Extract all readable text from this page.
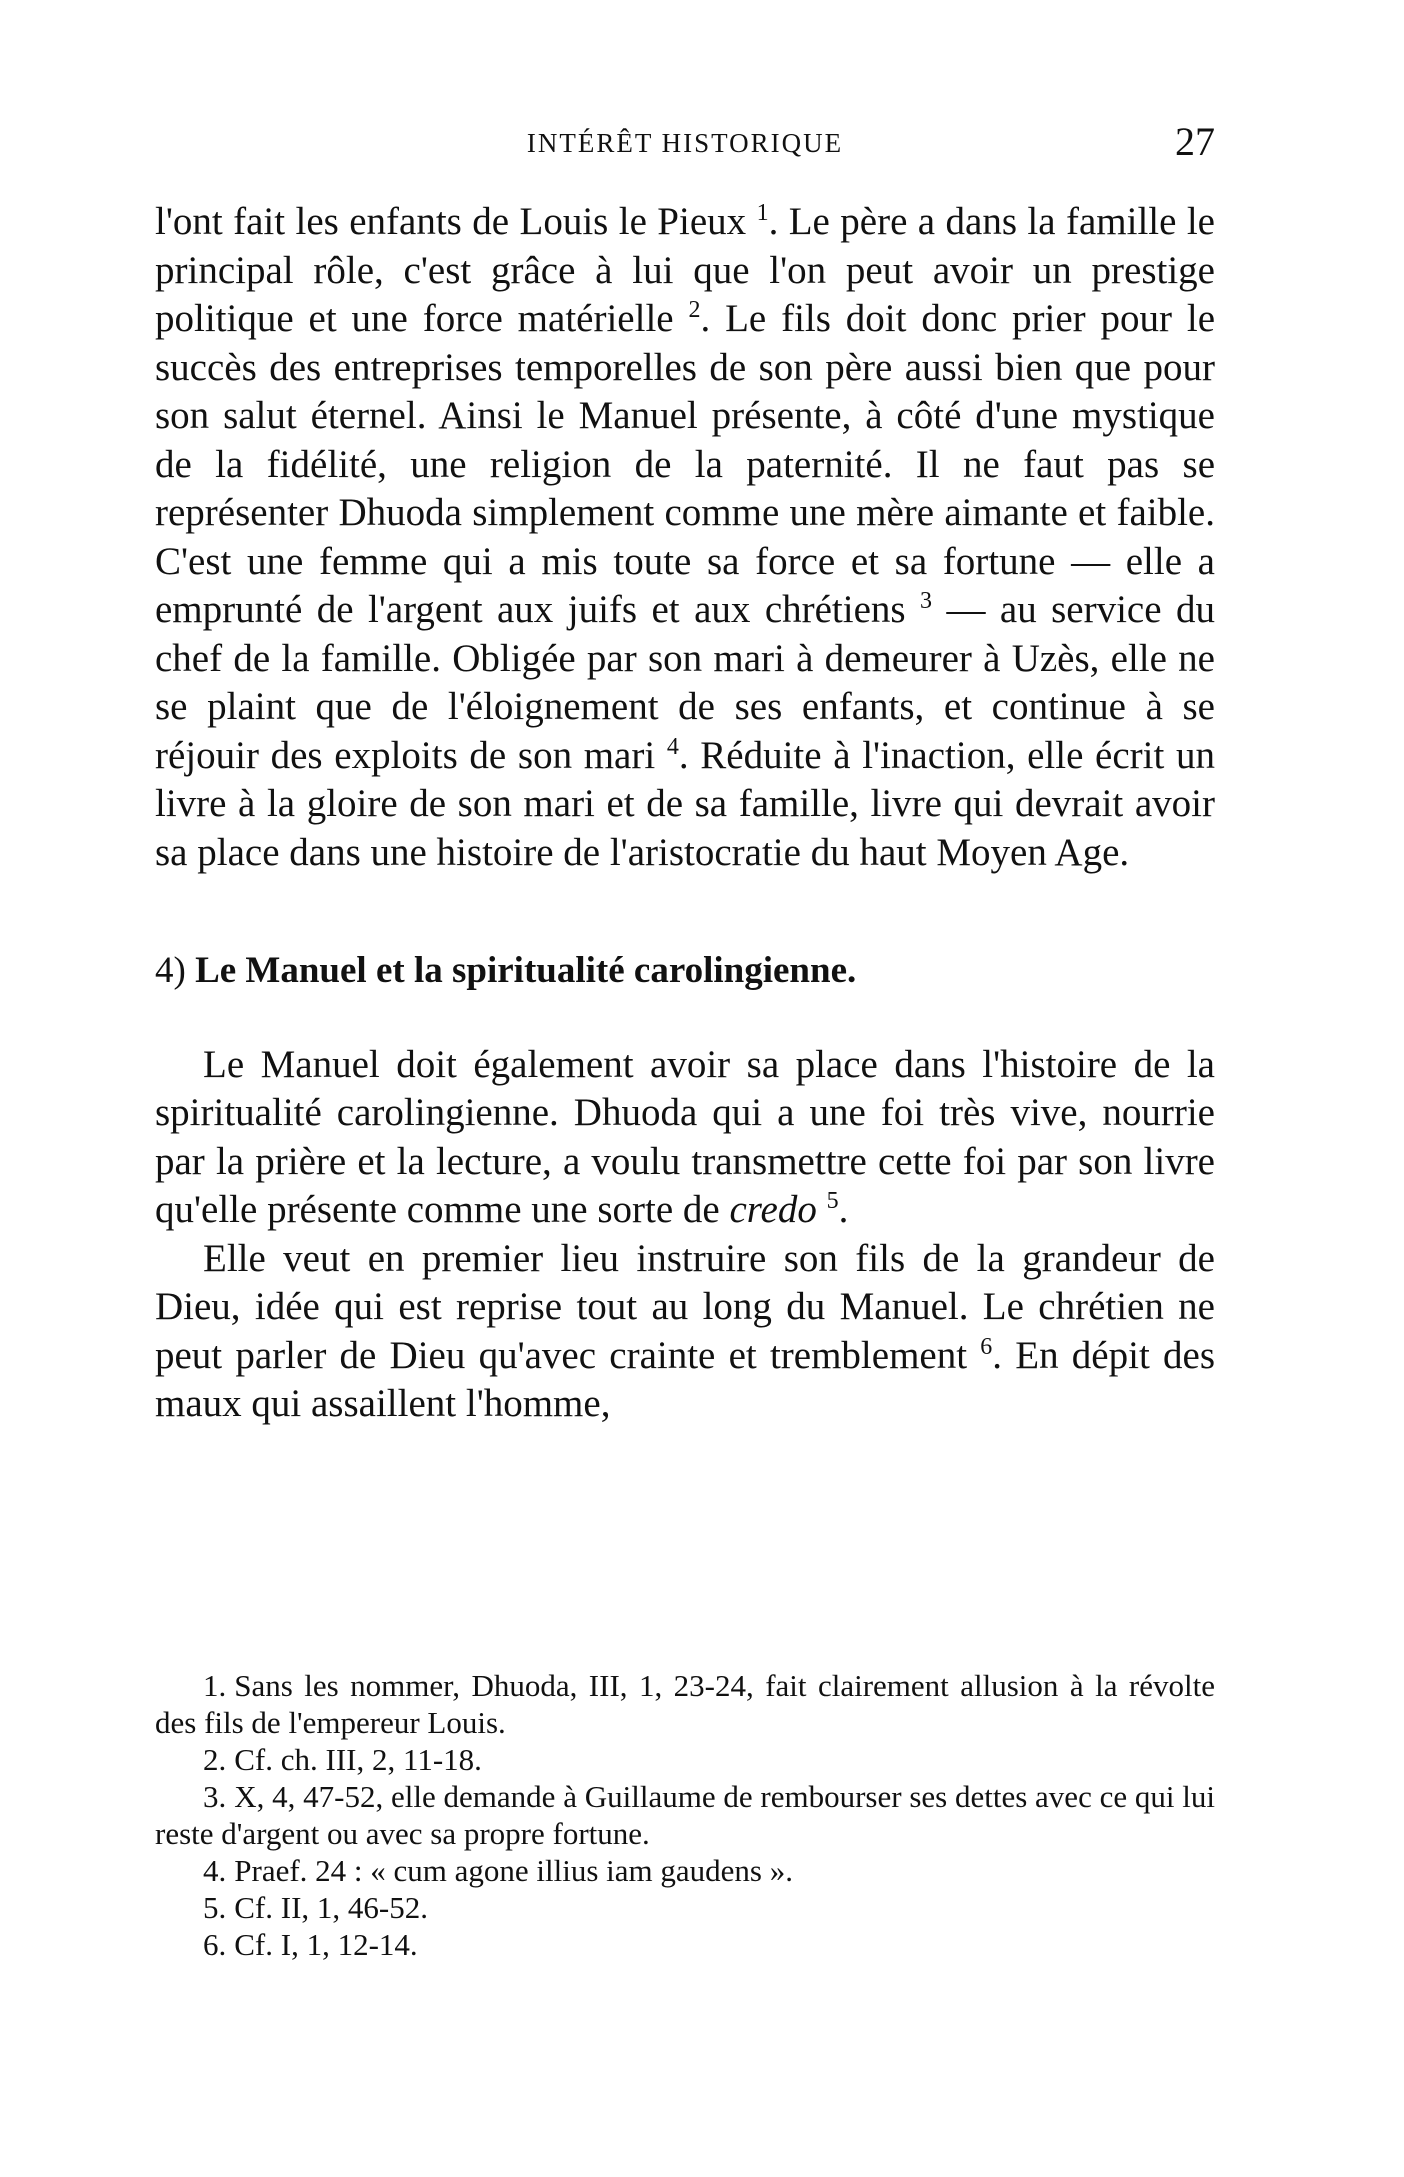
INTÉRÊT HISTORIQUE	27

l'ont fait les enfants de Louis le Pieux $^1$. Le père a dans la famille le principal rôle, c'est grâce à lui que l'on peut avoir un prestige politique et une force matérielle $^2$. Le fils doit donc prier pour le succès des entreprises temporelles de son père aussi bien que pour son salut éternel. Ainsi le Manuel présente, à côté d'une mystique de la fidélité, une religion de la paternité. Il ne faut pas se représenter Dhuoda simplement comme une mère aimante et faible. C'est une femme qui a mis toute sa force et sa fortune — elle a emprunté de l'argent aux juifs et aux chrétiens $^3$ — au service du chef de la famille. Obligée par son mari à demeurer à Uzès, elle ne se plaint que de l'éloignement de ses enfants, et continue à se réjouir des exploits de son mari $^4$. Réduite à l'inaction, elle écrit un livre à la gloire de son mari et de sa famille, livre qui devrait avoir sa place dans une histoire de l'aristocratie du haut Moyen Age.

4) Le Manuel et la spiritualité carolingienne.

Le Manuel doit également avoir sa place dans l'histoire de la spiritualité carolingienne. Dhuoda qui a une foi très vive, nourrie par la prière et la lecture, a voulu transmettre cette foi par son livre qu'elle présente comme une sorte de credo $^5$.

Elle veut en premier lieu instruire son fils de la grandeur de Dieu, idée qui est reprise tout au long du Manuel. Le chrétien ne peut parler de Dieu qu'avec crainte et tremblement $^6$. En dépit des maux qui assaillent l'homme,

1. Sans les nommer, Dhuoda, III, 1, 23-24, fait clairement allusion à la révolte des fils de l'empereur Louis.

2. Cf. ch. III, 2, 11-18.

3. X, 4, 47-52, elle demande à Guillaume de rembourser ses dettes avec ce qui lui reste d'argent ou avec sa propre fortune.

4. Praef. 24 : « cum agone illius iam gaudens ».

5. Cf. II, 1, 46-52.

6. Cf. I, 1, 12-14.
